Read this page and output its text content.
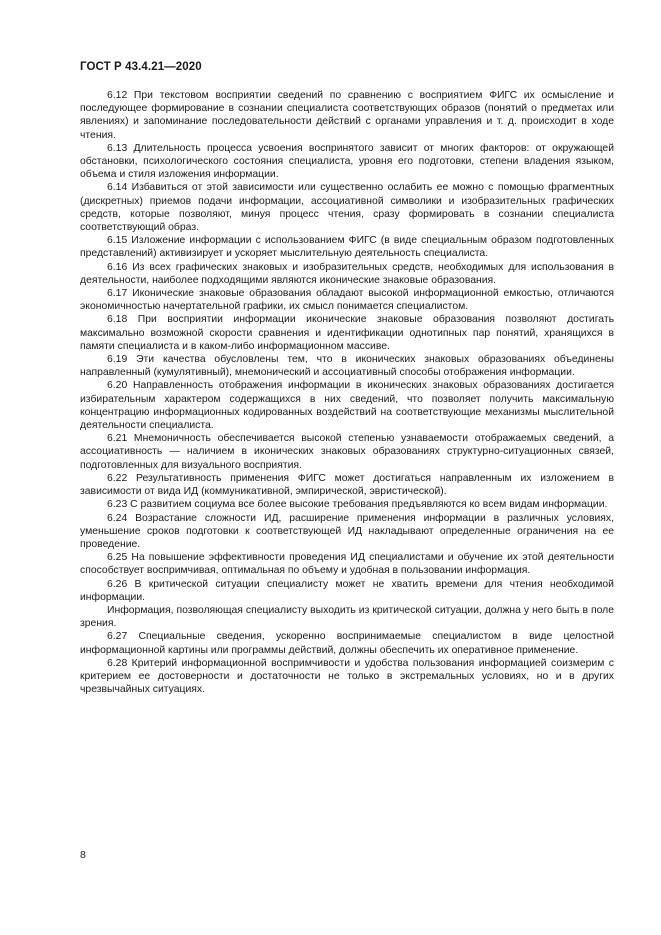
ГОСТ Р 43.4.21—2020

6.12 При текстовом восприятии сведений по сравнению с восприятием ФИГС их осмысление и последующее формирование в сознании специалиста соответствующих образов (понятий о предметах или явлениях) и запоминание последовательности действий с органами управления и т. д. происходит в ходе чтения.

6.13 Длительность процесса усвоения воспринятого зависит от многих факторов: от окружающей обстановки, психологического состояния специалиста, уровня его подготовки, степени владения языком, объема и стиля изложения информации.

6.14 Избавиться от этой зависимости или существенно ослабить ее можно с помощью фрагментных (дискретных) приемов подачи информации, ассоциативной символики и изобразительных графических средств, которые позволяют, минуя процесс чтения, сразу формировать в сознании специалиста соответствующий образ.

6.15 Изложение информации с использованием ФИГС (в виде специальным образом подготовленных представлений) активизирует и ускоряет мыслительную деятельность специалиста.

6.16 Из всех графических знаковых и изобразительных средств, необходимых для использования в деятельности, наиболее подходящими являются иконические знаковые образования.

6.17 Иконические знаковые образования обладают высокой информационной емкостью, отличаются экономичностью начертательной графики, их смысл понимается специалистом.

6.18 При восприятии информации иконические знаковые образования позволяют достигать максимально возможной скорости сравнения и идентификации однотипных пар понятий, хранящихся в памяти специалиста и в каком-либо информационном массиве.

6.19 Эти качества обусловлены тем, что в иконических знаковых образованиях объединены направленный (кумулятивный), мнемонический и ассоциативный способы отображения информации.

6.20 Направленность отображения информации в иконических знаковых образованиях достигается избирательным характером содержащихся в них сведений, что позволяет получить максимальную концентрацию информационных кодированных воздействий на соответствующие механизмы мыслительной деятельности специалиста.

6.21 Мнемоничность обеспечивается высокой степенью узнаваемости отображаемых сведений, а ассоциативность — наличием в иконических знаковых образованиях структурно-ситуационных связей, подготовленных для визуального восприятия.

6.22 Результативность применения ФИГС может достигаться направленным их изложением в зависимости от вида ИД (коммуникативной, эмпирической, эвристической).

6.23 С развитием социума все более высокие требования предъявляются ко всем видам информации.

6.24 Возрастание сложности ИД, расширение применения информации в различных условиях, уменьшение сроков подготовки к соответствующей ИД накладывают определенные ограничения на ее проведение.

6.25 На повышение эффективности проведения ИД специалистами и обучение их этой деятельности способствует воспримчивая, оптимальная по объему и удобная в пользовании информация.

6.26 В критической ситуации специалисту может не хватить времени для чтения необходимой информации.

Информация, позволяющая специалисту выходить из критической ситуации, должна у него быть в поле зрения.

6.27 Специальные сведения, ускоренно воспринимаемые специалистом в виде целостной информационной картины или программы действий, должны обеспечить их оперативное применение.

6.28 Критерий информационной воспримчивости и удобства пользования информацией соизмерим с критерием ее достоверности и достаточности не только в экстремальных условиях, но и в других чрезвычайных ситуациях.

8
